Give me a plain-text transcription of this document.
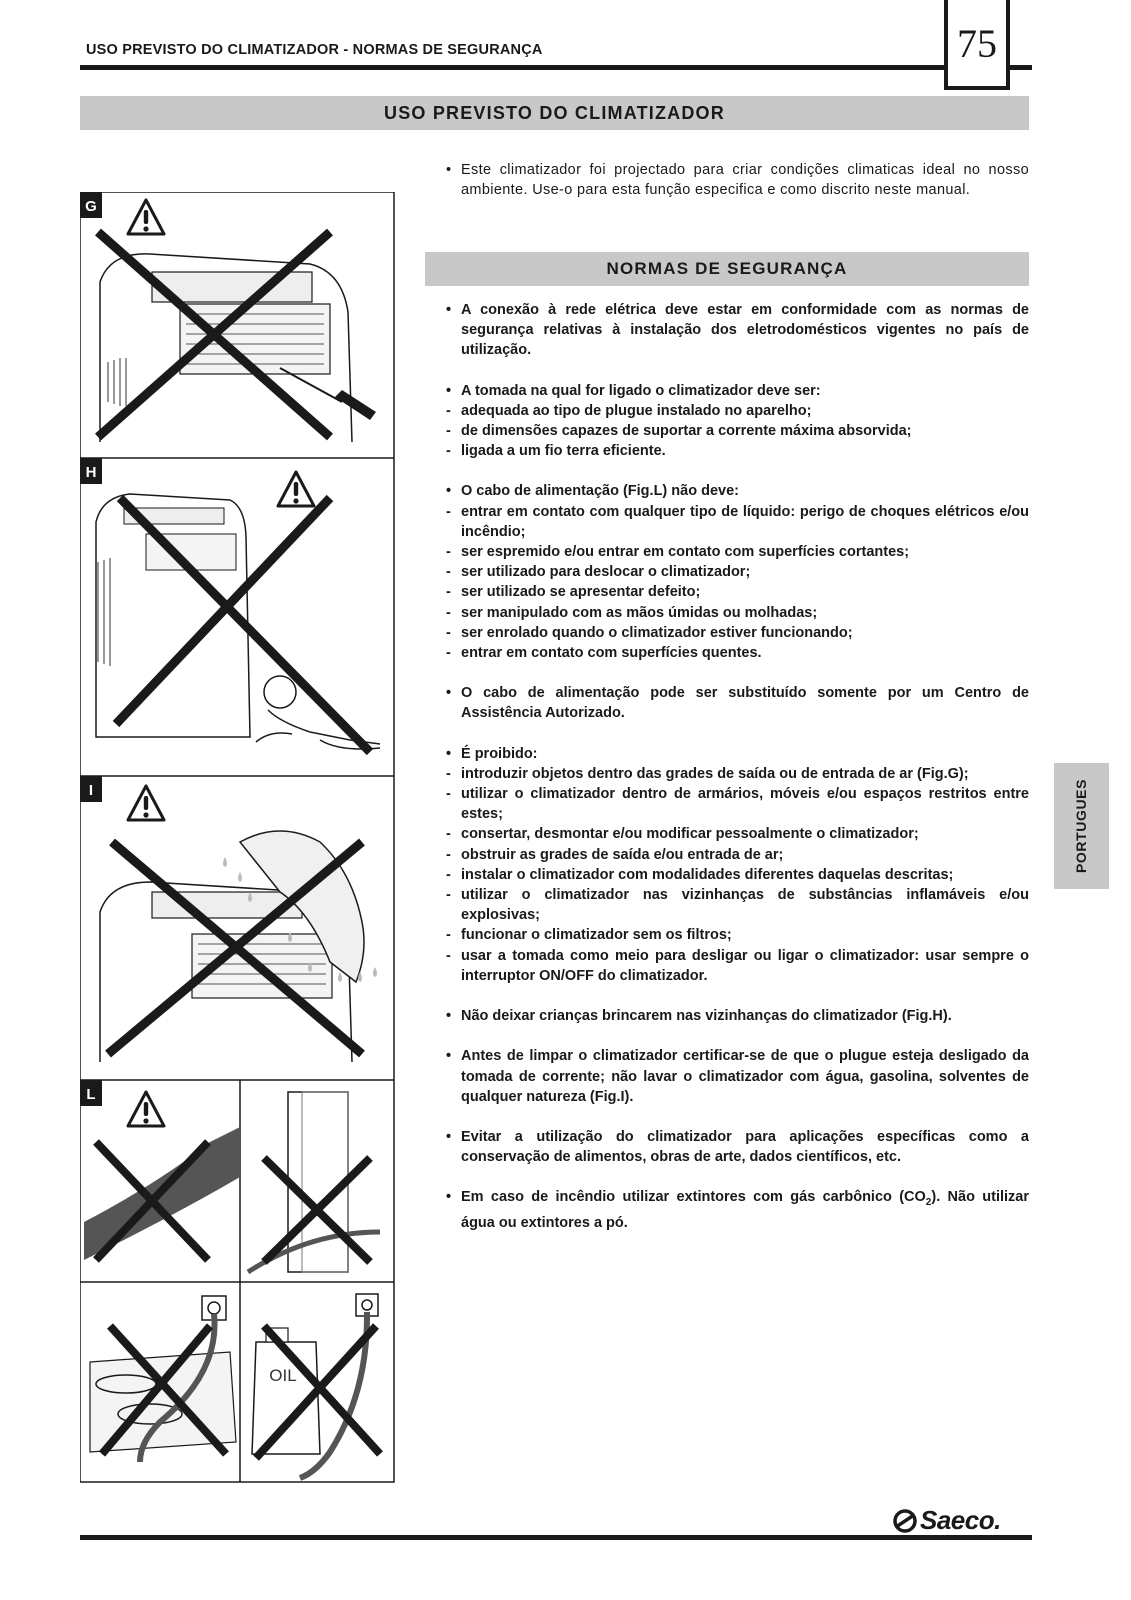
USO PREVISTO DO CLIMATIZADOR - NORMAS DE SEGURANÇA	75
USO PREVISTO DO CLIMATIZADOR
• Este climatizador foi projectado para criar condições climaticas ideal no nosso ambiente. Use-o para esta função especifica e como discrito neste manual.
NORMAS DE SEGURANÇA
• A conexão à rede elétrica deve estar em conformidade com as normas de segurança relativas à instalação dos eletrodomésticos vigentes no país de utilização.
• A tomada na qual for ligado o climatizador deve ser:
- adequada ao tipo de plugue instalado no aparelho;
- de dimensões capazes de suportar a corrente máxima absorvida;
- ligada a um fio terra eficiente.
• O cabo de alimentação (Fig.L) não deve:
- entrar em contato com qualquer tipo de líquido: perigo de choques elétricos e/ou incêndio;
- ser espremido e/ou entrar em contato com superfícies cortantes;
- ser utilizado para deslocar o climatizador;
- ser utilizado se apresentar defeito;
- ser manipulado com as mãos úmidas ou molhadas;
- ser enrolado quando o climatizador estiver funcionando;
- entrar em contato com superfícies quentes.
• O cabo de alimentação pode ser substituído somente por um Centro de Assistência Autorizado.
• É proibido:
- introduzir objetos dentro das grades de saída ou de entrada de ar (Fig.G);
- utilizar o climatizador dentro de armários, móveis e/ou espaços restritos entre estes;
- consertar, desmontar e/ou modificar pessoalmente o climatizador;
- obstruir as grades de saída e/ou entrada de ar;
- instalar o climatizador com modalidades diferentes daquelas descritas;
- utilizar o climatizador nas vizinhanças de substâncias inflamáveis e/ou explosivas;
- funcionar o climatizador sem os filtros;
- usar a tomada como meio para desligar ou ligar o climatizador: usar sempre o interruptor ON/OFF do climatizador.
• Não deixar crianças brincarem nas vizinhanças do climatizador (Fig.H).
• Antes de limpar o climatizador certificar-se de que o plugue esteja desligado da tomada de corrente; não lavar o climatizador com água, gasolina, solventes de qualquer natureza (Fig.I).
• Evitar a utilização do climatizador para aplicações específicas como a conservação de alimentos, obras de arte, dados científicos, etc.
• Em caso de incêndio utilizar extintores com gás carbônico $(CO_2)$. Não utilizar água ou extintores a pó.
PORTUGUES
G
H
I
L
OIL
Saeco.
